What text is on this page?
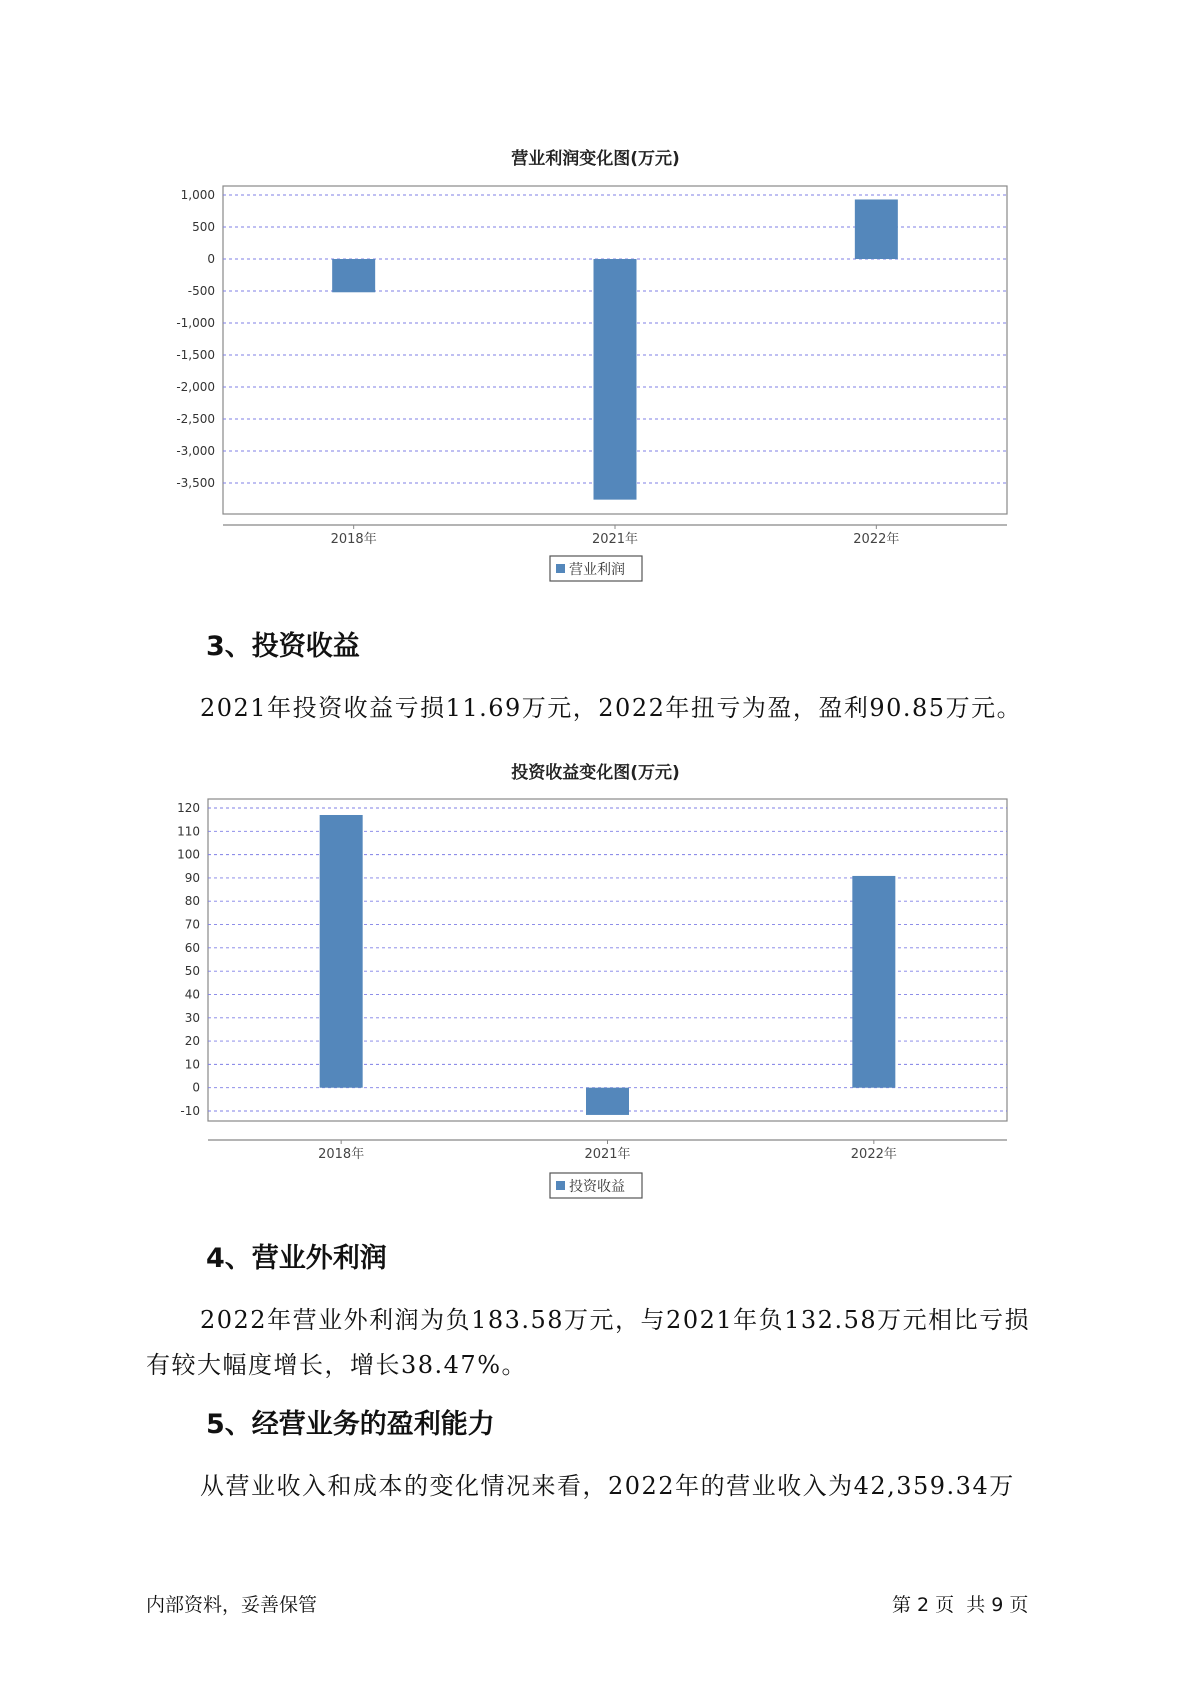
营业利润变化图(万元)
1,000
500
0
-500
-1,000
-1,500
-2,000
-2,500
-3,000
-3,500
2018年	2021年	2022年
营业利润
3、投资收益
2021年投资收益亏损11.69万元，2022年扭亏为盈，盈利90.85万元。
投资收益变化图(万元)
120
110
100
90
80
70
60
50
40
30
20
10
0
-10
2018年	2021年	2022年
投资收益
4、营业外利润
2022年营业外利润为负183.58万元，与2021年负132.58万元相比亏损
有较大幅度增长，增长38.47%。
5、经营业务的盈利能力
从营业收入和成本的变化情况来看，2022年的营业收入为42,359.34万
内部资料，妥善保管	第 2 页  共 9 页
